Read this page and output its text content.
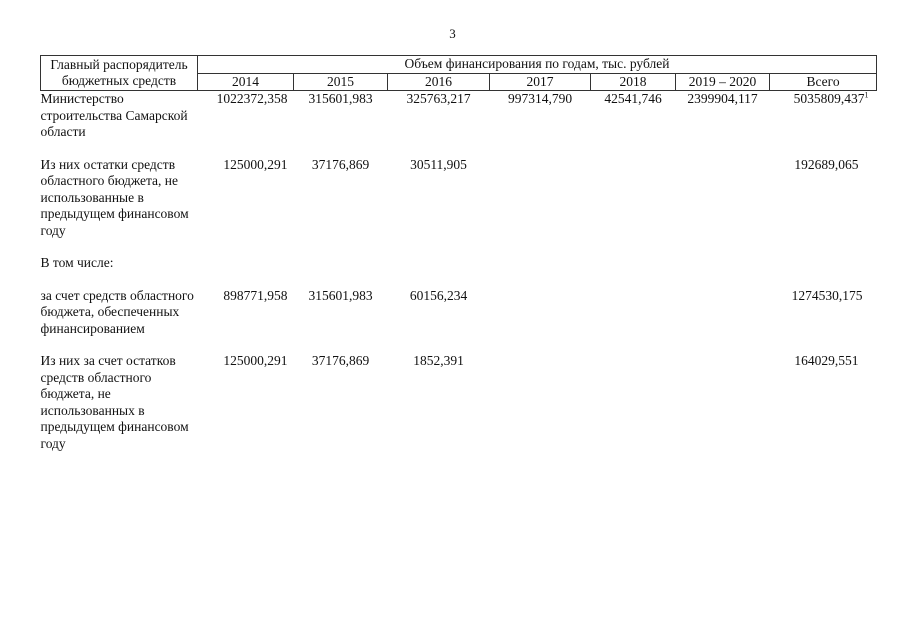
3
Главный распорядитель бюджетных средств	Объем финансирования по годам, тыс. рублей						
	2014	2015	2016	2017	2018	2019 – 2020	Всего
Министерство строительства Самарской области	1022372,358	315601,983	325763,217	997314,790	42541,746	2399904,117	5035809,437$^1$

Из них остатки средств областного бюджета, не использованные в предыдущем финансовом году	125000,291	37176,869	30511,905				192689,065

В том числе:							

за счет средств областного бюджета, обеспеченных финансированием	898771,958	315601,983	60156,234				1274530,175

Из них за счет остатков средств областного бюджета, не использованных в предыдущем финансовом году	125000,291	37176,869	1852,391				164029,551
